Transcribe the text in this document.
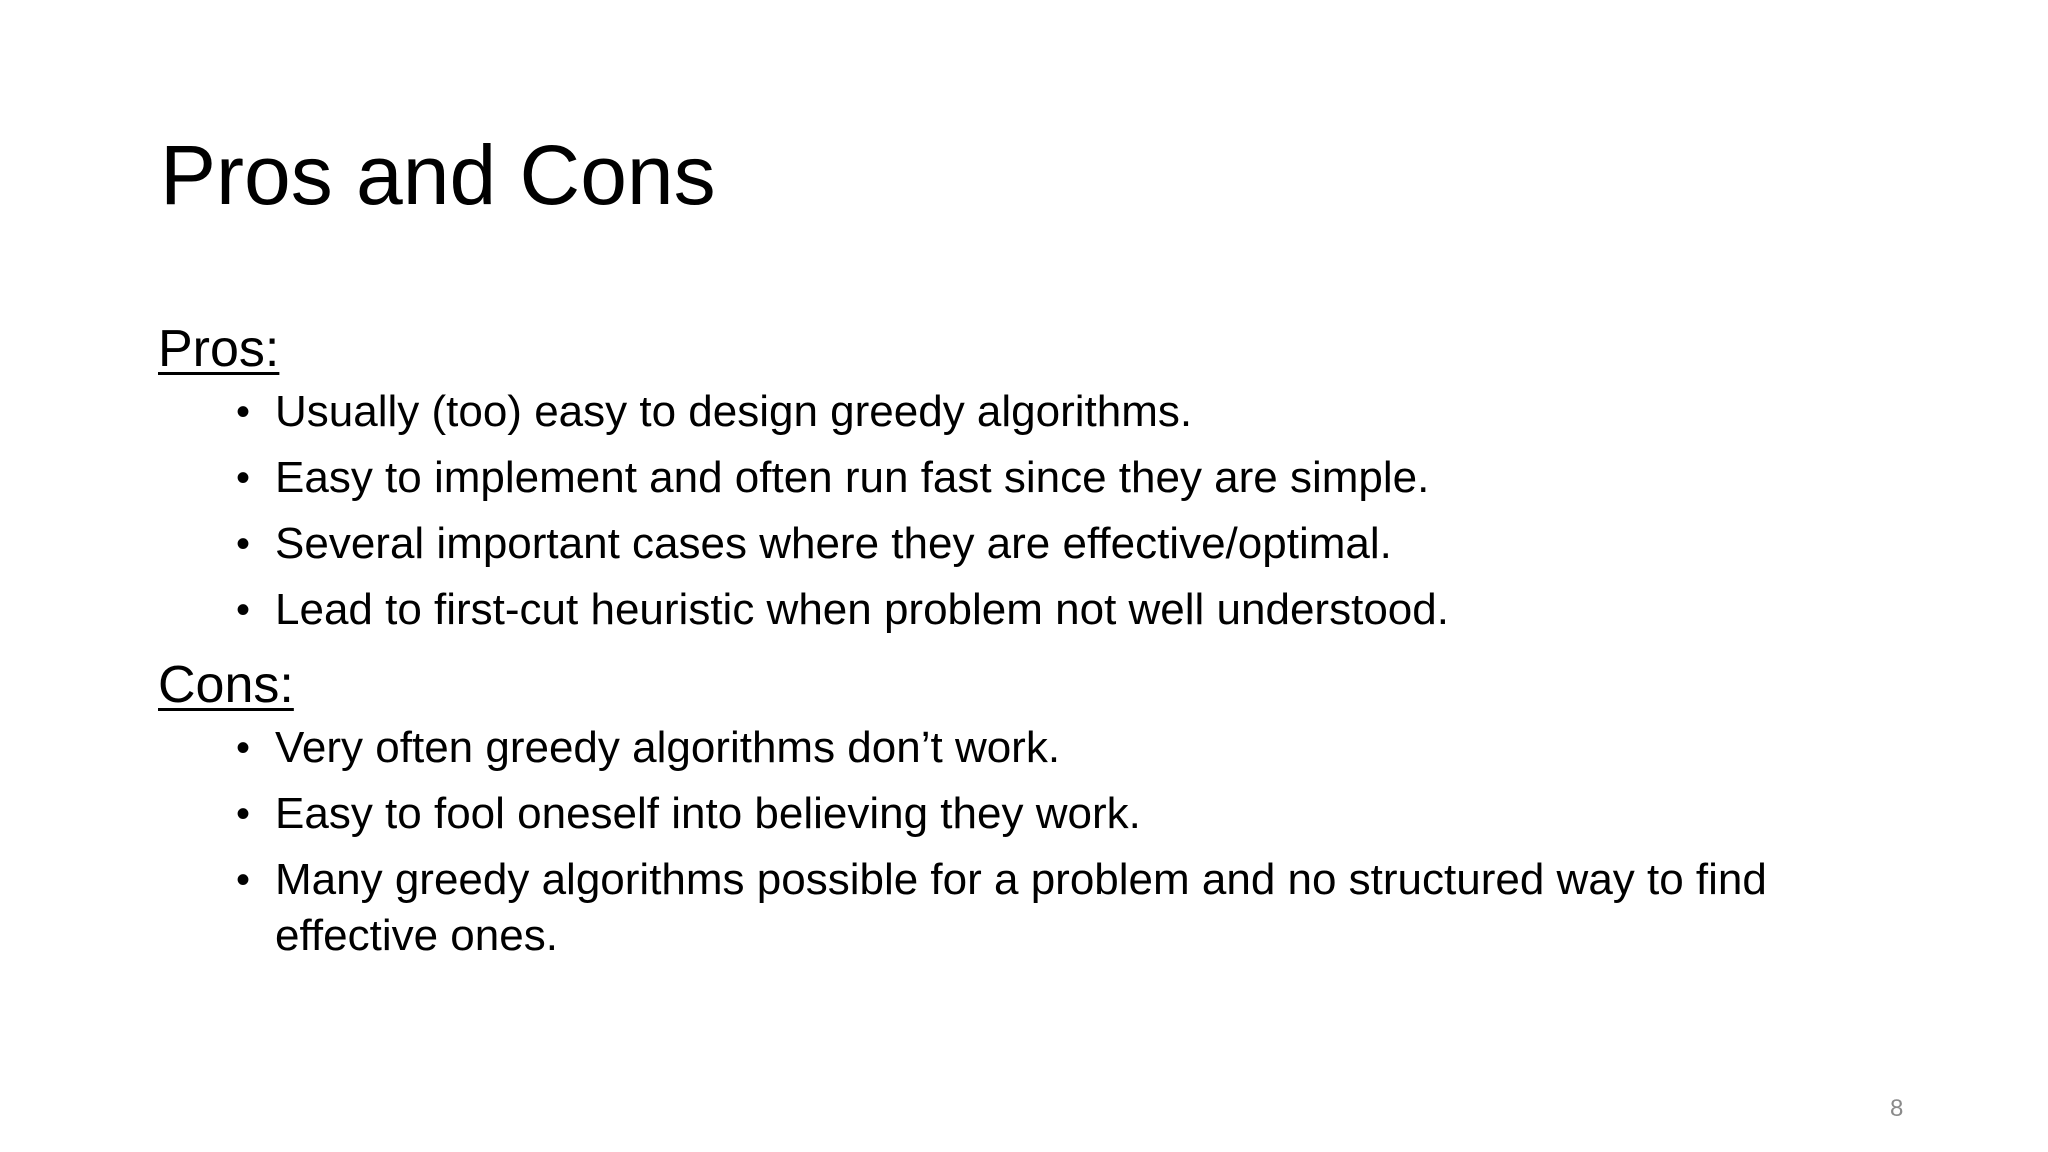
Pros and Cons

Pros:

• Usually (too) easy to design greedy algorithms.
• Easy to implement and often run fast since they are simple.
• Several important cases where they are effective/optimal.
• Lead to first-cut heuristic when problem not well understood.

Cons:

• Very often greedy algorithms don’t work.
• Easy to fool oneself into believing they work.
• Many greedy algorithms possible for a problem and no structured way to find effective ones.
8
